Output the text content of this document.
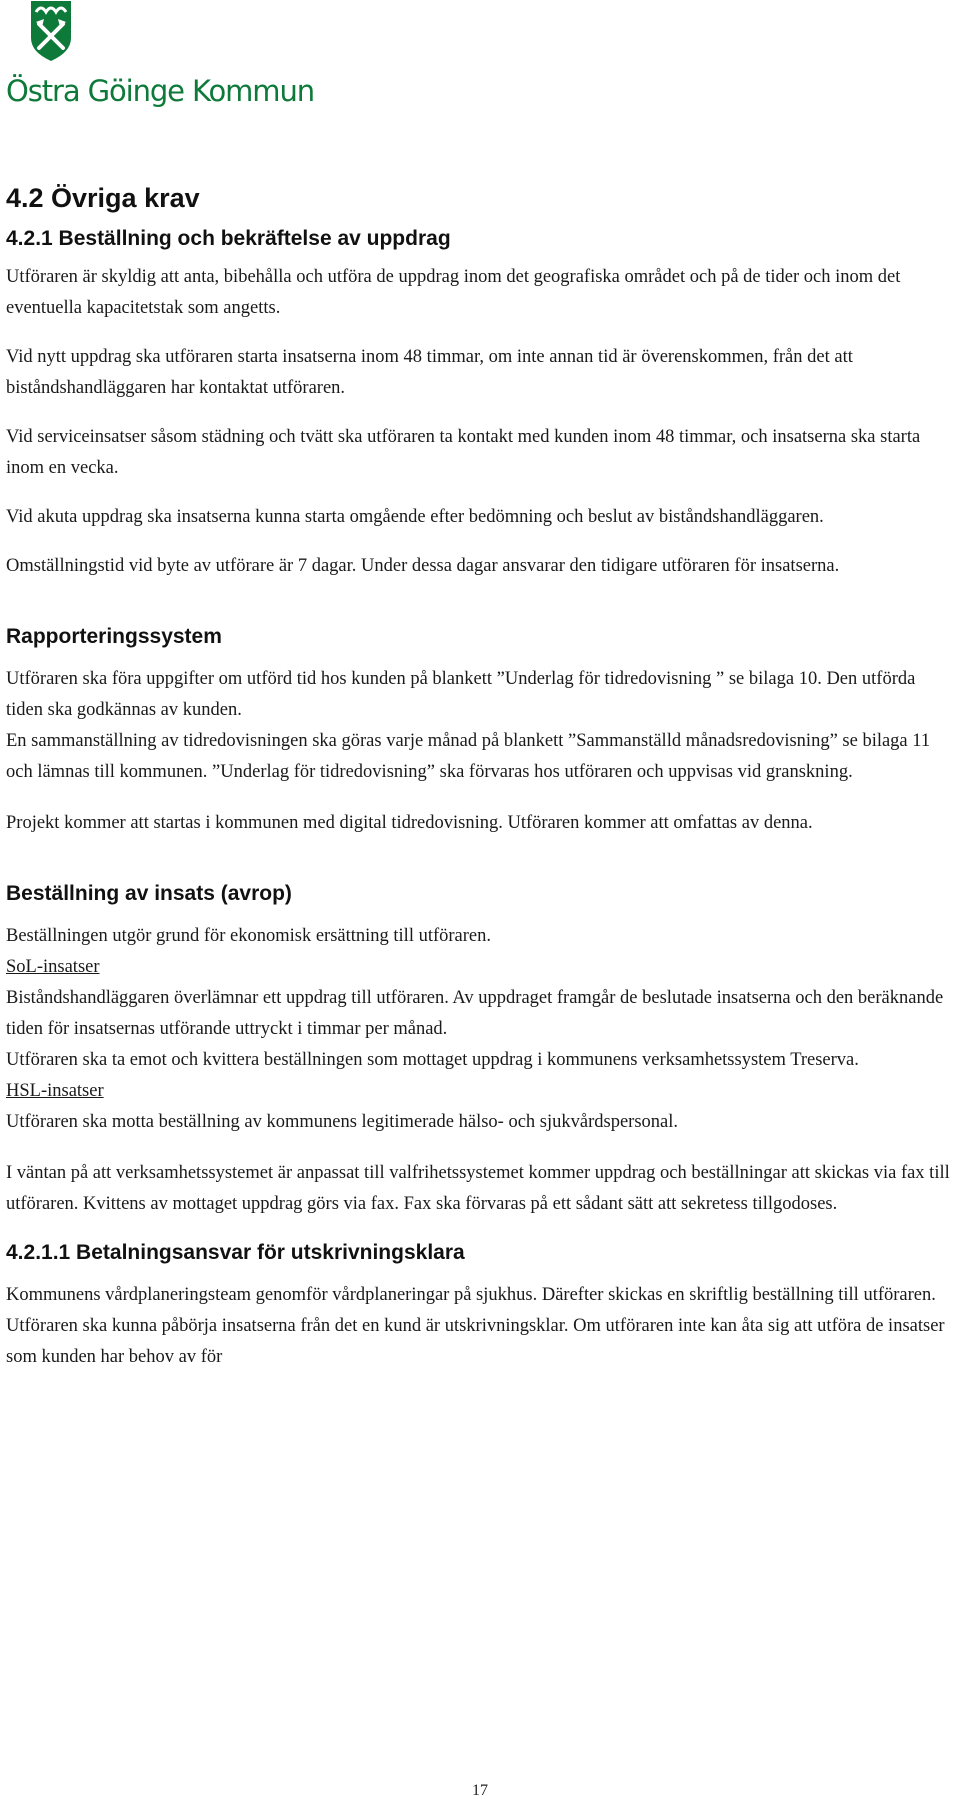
Östra Göinge Kommun
4.2 Övriga krav
4.2.1 Beställning och bekräftelse av uppdrag

Utföraren är skyldig att anta, bibehålla och utföra de uppdrag inom det geografiska området och på de tider och inom det eventuella kapacitetstak som angetts.

Vid nytt uppdrag ska utföraren starta insatserna inom 48 timmar, om inte annan tid är överenskommen, från det att biståndshandläggaren har kontaktat utföraren.

Vid serviceinsatser såsom städning och tvätt ska utföraren ta kontakt med kunden inom 48 timmar, och insatserna ska starta inom en vecka.

Vid akuta uppdrag ska insatserna kunna starta omgående efter bedömning och beslut av biståndshandläggaren.

Omställningstid vid byte av utförare är 7 dagar. Under dessa dagar ansvarar den tidigare utföraren för insatserna.

Rapporteringssystem
Utföraren ska föra uppgifter om utförd tid hos kunden på blankett ”Underlag för tidredovisning ” se bilaga 10. Den utförda tiden ska godkännas av kunden.
En sammanställning av tidredovisningen ska göras varje månad på blankett ”Sammanställd månadsredovisning” se bilaga 11 och lämnas till kommunen. ”Underlag för tidredovisning” ska förvaras hos utföraren och uppvisas vid granskning.

Projekt kommer att startas i kommunen med digital tidredovisning. Utföraren kommer att omfattas av denna.

Beställning av insats (avrop)
Beställningen utgör grund för ekonomisk ersättning till utföraren.
SoL-insatser
Biståndshandläggaren överlämnar ett uppdrag till utföraren. Av uppdraget framgår de beslutade insatserna och den beräknande tiden för insatsernas utförande uttryckt i timmar per månad.
Utföraren ska ta emot och kvittera beställningen som mottaget uppdrag i kommunens verksamhetssystem Treserva.
HSL-insatser
Utföraren ska motta beställning av kommunens legitimerade hälso- och sjukvårdspersonal.

I väntan på att verksamhetssystemet är anpassat till valfrihetssystemet kommer uppdrag och beställningar att skickas via fax till utföraren. Kvittens av mottaget uppdrag görs via fax. Fax ska förvaras på ett sådant sätt att sekretess tillgodoses.

4.2.1.1 Betalningsansvar för utskrivningsklara

Kommunens vårdplaneringsteam genomför vårdplaneringar på sjukhus. Därefter skickas en skriftlig beställning till utföraren. Utföraren ska kunna påbörja insatserna från det en kund är utskrivningsklar. Om utföraren inte kan åta sig att utföra de insatser som kunden har behov av för

17
